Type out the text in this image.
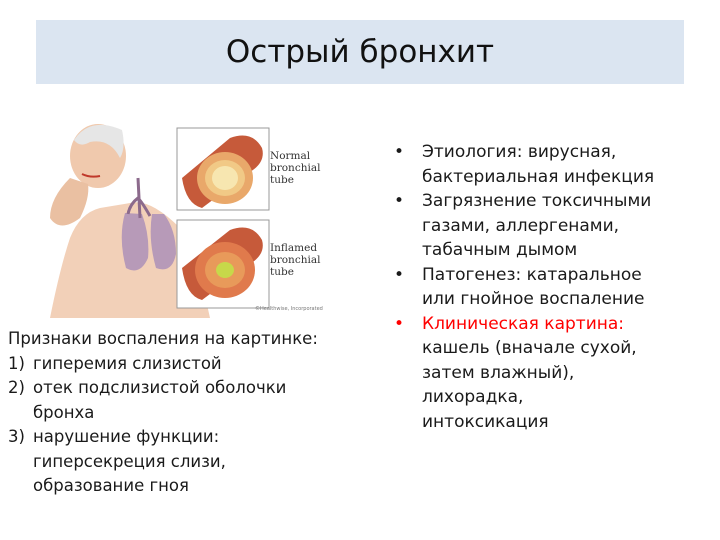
Острый бронхит
Normal bronchial tube
Inflamed bronchial tube
©Healthwise, Incorporated
Признаки воспаления на картинке:
1) гиперемия слизистой
2) отек подслизистой оболочки бронха
3) нарушение функции: гиперсекреция слизи, образование гноя
•	Этиология: вирусная,
бактериальная инфекция
•	Загрязнение токсичными
газами, аллергенами,
табачным дымом
•	Патогенез: катаральное
или гнойное воспаление
•	Клиническая картина:
кашель (вначале сухой,
затем влажный),
лихорадка,
интоксикация
